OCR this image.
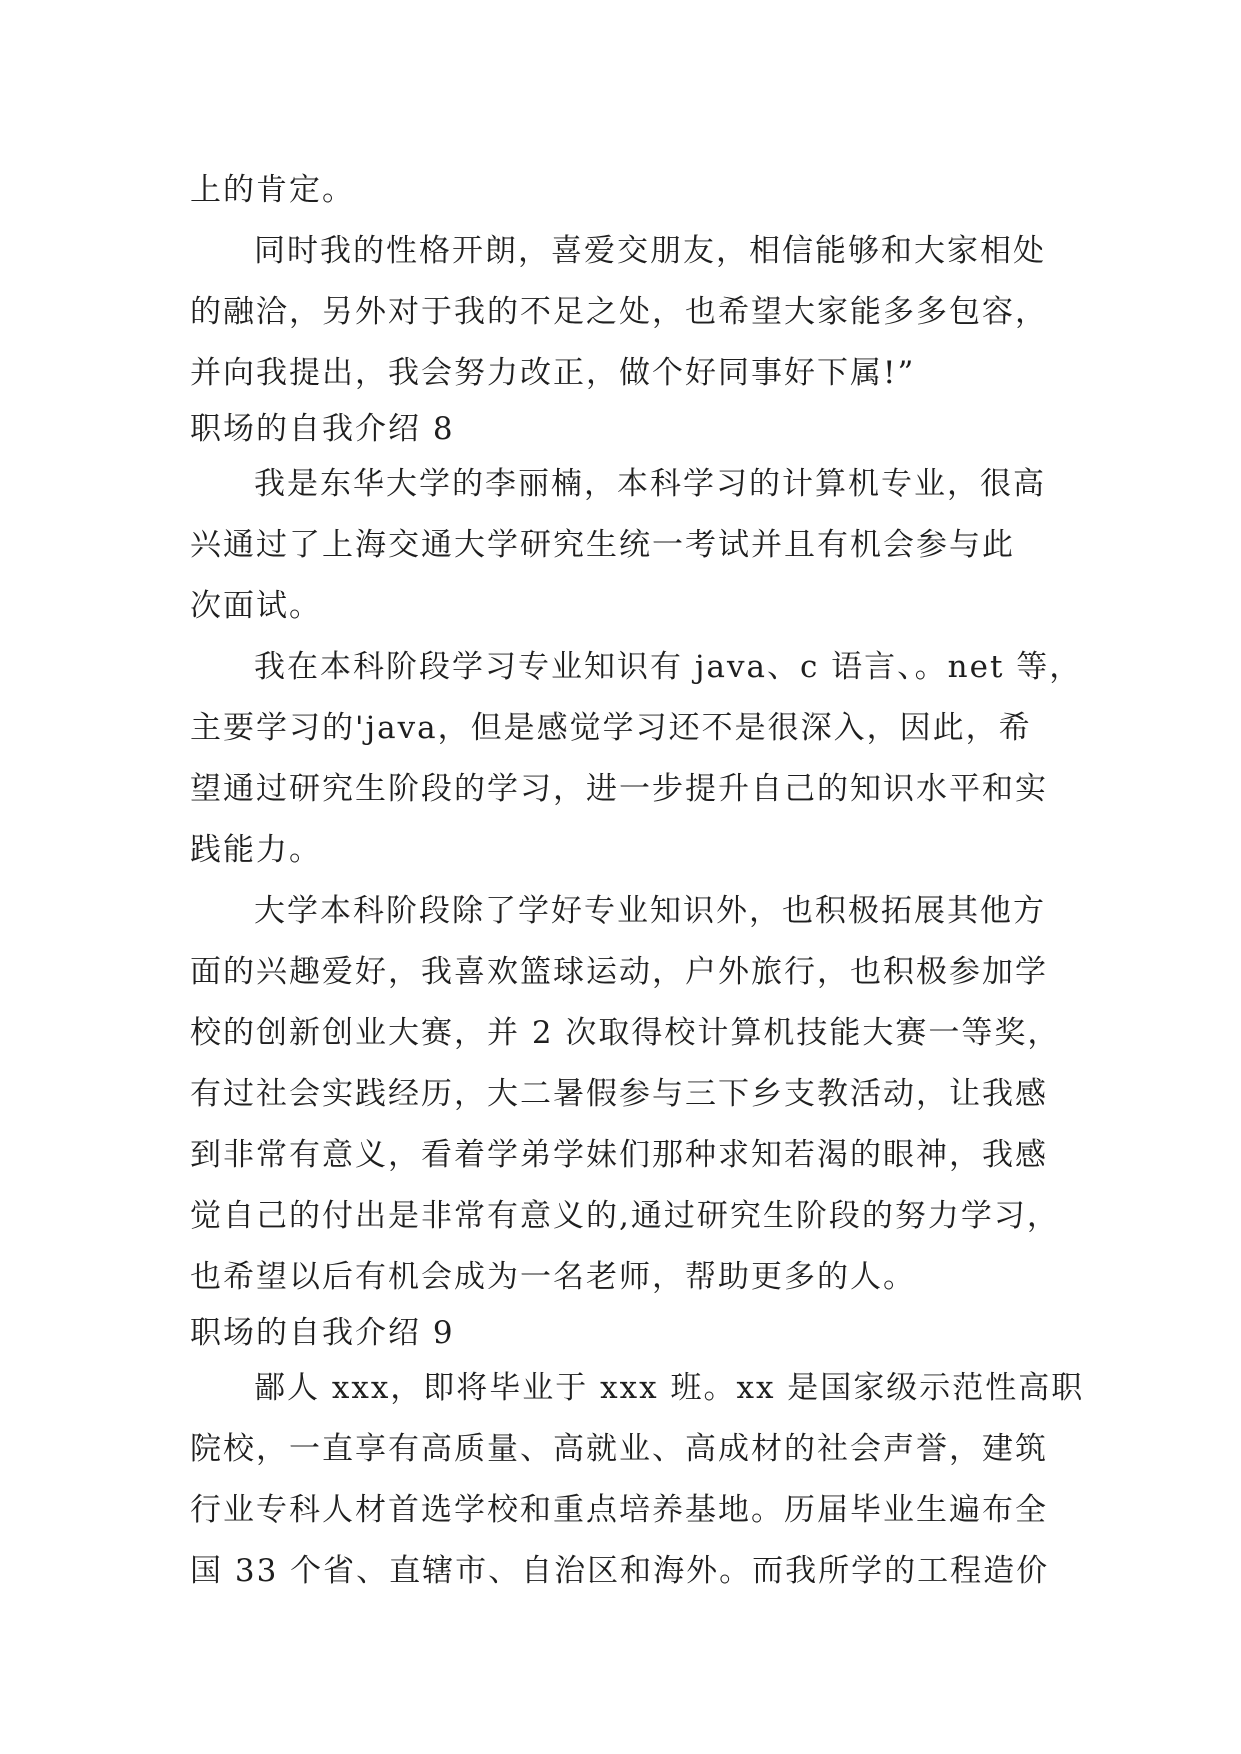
上的肯定。
同时我的性格开朗，喜爱交朋友，相信能够和大家相处
的融洽，另外对于我的不足之处，也希望大家能多多包容，
并向我提出，我会努力改正，做个好同事好下属!”
职场的自我介绍 8
我是东华大学的李丽楠，本科学习的计算机专业，很高
兴通过了上海交通大学研究生统一考试并且有机会参与此
次面试。
我在本科阶段学习专业知识有 java、c 语言、。net 等，
主要学习的'java，但是感觉学习还不是很深入，因此，希
望通过研究生阶段的学习，进一步提升自己的知识水平和实
践能力。
大学本科阶段除了学好专业知识外，也积极拓展其他方
面的兴趣爱好，我喜欢篮球运动，户外旅行，也积极参加学
校的创新创业大赛，并 2 次取得校计算机技能大赛一等奖，
有过社会实践经历，大二暑假参与三下乡支教活动，让我感
到非常有意义，看着学弟学妹们那种求知若渴的眼神，我感
觉自己的付出是非常有意义的,通过研究生阶段的努力学习，
也希望以后有机会成为一名老师，帮助更多的人。
职场的自我介绍 9
鄙人 xxx，即将毕业于 xxx 班。xx 是国家级示范性高职
院校，一直享有高质量、高就业、高成材的社会声誉，建筑
行业专科人材首选学校和重点培养基地。历届毕业生遍布全
国 33 个省、直辖市、自治区和海外。而我所学的工程造价
